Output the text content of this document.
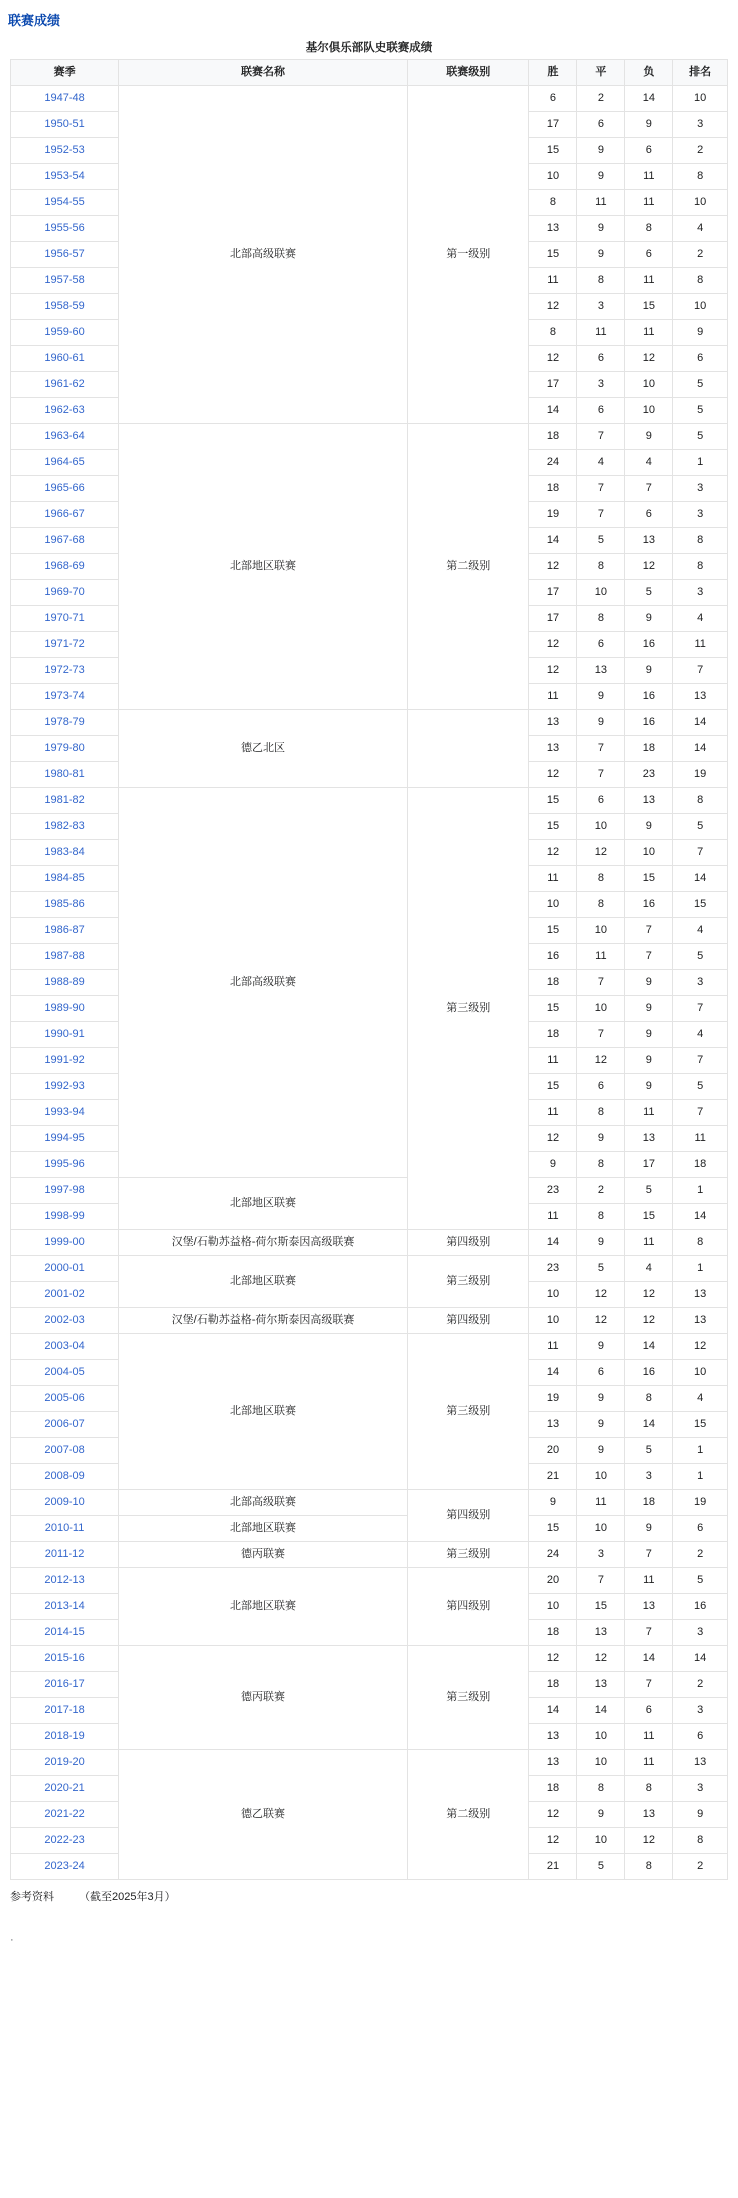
联赛成绩
基尔俱乐部队史联赛成绩
赛季	联赛名称	联赛级别	胜	平	负	排名
1947-48	北部高级联赛	第一级别	6	2	14	10
1950-51			17	6	9	3
1952-53			15	9	6	2
1953-54			10	9	11	8
1954-55			8	11	11	10
1955-56			13	9	8	4
1956-57			15	9	6	2
1957-58			11	8	11	8
1958-59			12	3	15	10
1959-60			8	11	11	9
1960-61			12	6	12	6
1961-62			17	3	10	5
1962-63			14	6	10	5
1963-64	北部地区联赛	第二级别	18	7	9	5
1964-65			24	4	4	1
1965-66			18	7	7	3
1966-67			19	7	6	3
1967-68			14	5	13	8
1968-69			12	8	12	8
1969-70			17	10	5	3
1970-71			17	8	9	4
1971-72			12	6	16	11
1972-73			12	13	9	7
1973-74			11	9	16	13
1978-79	德乙北区		13	9	16	14
1979-80			13	7	18	14
1980-81			12	7	23	19
1981-82	北部高级联赛	第三级别	15	6	13	8
1982-83			15	10	9	5
1983-84			12	12	10	7
1984-85			11	8	15	14
1985-86			10	8	16	15
1986-87			15	10	7	4
1987-88			16	11	7	5
1988-89			18	7	9	3
1989-90			15	10	9	7
1990-91			18	7	9	4
1991-92			11	12	9	7
1992-93			15	6	9	5
1993-94			11	8	11	7
1994-95			12	9	13	11
1995-96			9	8	17	18
1997-98	北部地区联赛		23	2	5	1
1998-99			11	8	15	14
1999-00	汉堡/石勒苏益格-荷尔斯泰因高级联赛	第四级别	14	9	11	8
2000-01	北部地区联赛	第三级别	23	5	4	1
2001-02			10	12	12	13
2002-03	汉堡/石勒苏益格-荷尔斯泰因高级联赛	第四级别	10	12	12	13
2003-04	北部地区联赛	第三级别	11	9	14	12
2004-05			14	6	16	10
2005-06			19	9	8	4
2006-07			13	9	14	15
2007-08			20	9	5	1
2008-09			21	10	3	1
2009-10	北部高级联赛	第四级别	9	11	18	19
2010-11	北部地区联赛		15	10	9	6
2011-12	德丙联赛	第三级别	24	3	7	2
2012-13	北部地区联赛	第四级别	20	7	11	5
2013-14			10	15	13	16
2014-15			18	13	7	3
2015-16	德丙联赛	第三级别	12	12	14	14
2016-17			18	13	7	2
2017-18			14	14	6	3
2018-19			13	10	11	6
2019-20	德乙联赛	第二级别	13	10	11	13
2020-21			18	8	8	3
2021-22			12	9	13	9
2022-23			12	10	12	8
2023-24			21	5	8	2
参考资料 （截至2025年3月）
·
